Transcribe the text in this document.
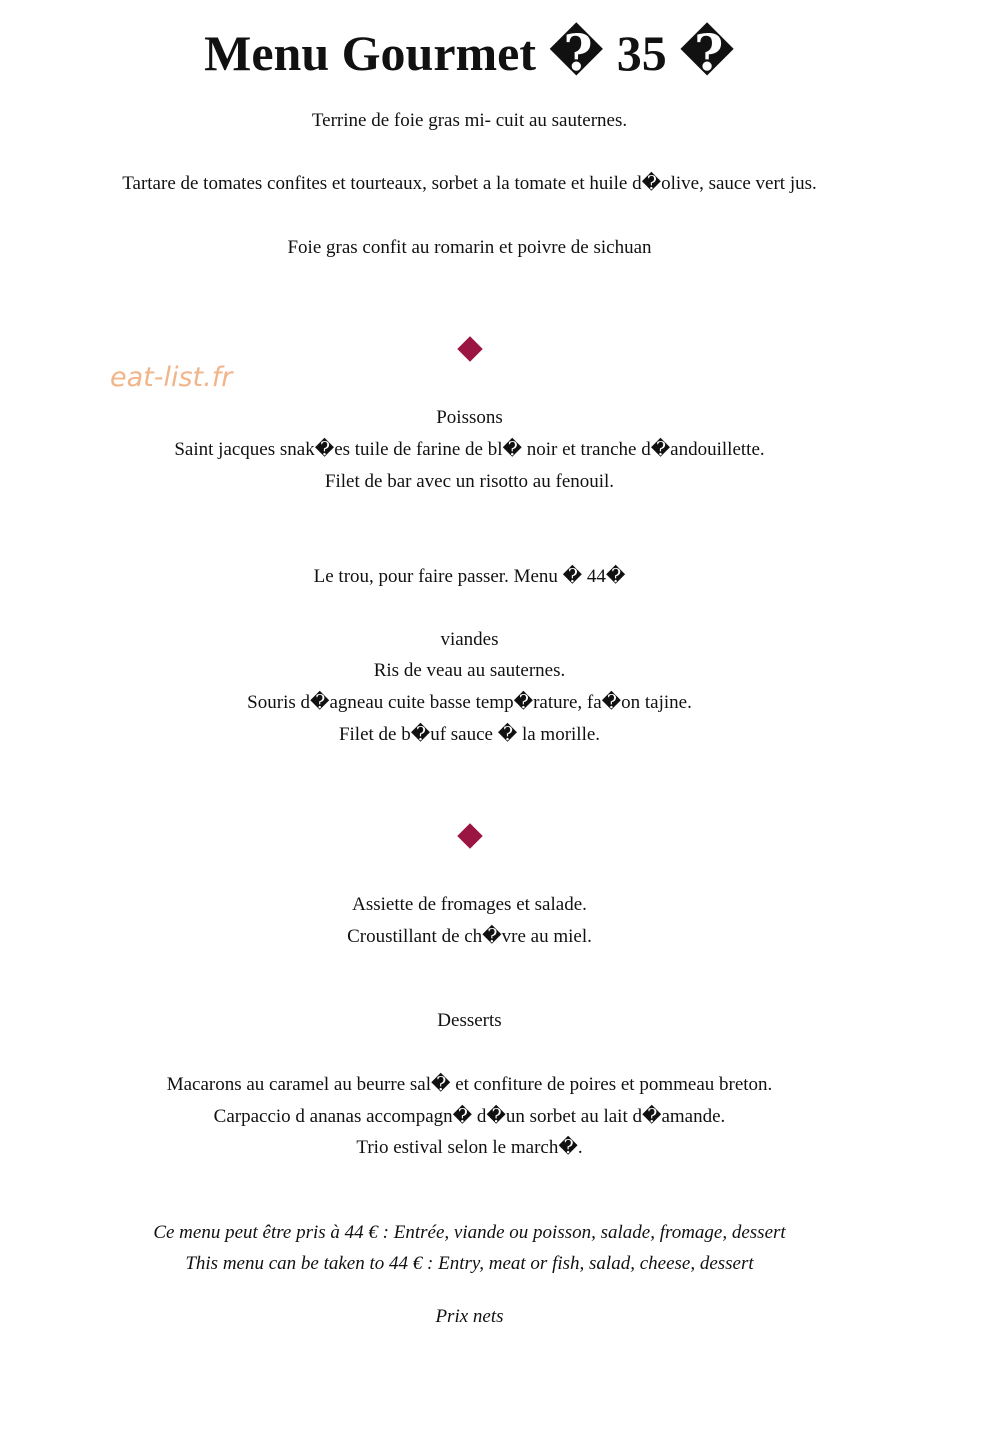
Menu Gourmet � 35 �
Terrine de foie gras mi- cuit au sauternes.
Tartare de tomates confites et tourteaux, sorbet a la tomate et huile d�olive, sauce vert jus.
Foie gras confit au romarin et poivre de sichuan
eat-list.fr
Poissons
Saint jacques snak�es tuile de farine de bl� noir et tranche d�andouillette.
Filet de bar avec un risotto au fenouil.
Le trou, pour faire passer. Menu � 44�
viandes
Ris de veau au sauternes.
Souris d�agneau cuite basse temp�rature, fa�on tajine.
Filet de b�uf sauce � la morille.
Assiette de fromages et salade.
Croustillant de ch�vre au miel.
Desserts
Macarons au caramel au beurre sal� et confiture de poires et pommeau breton.
Carpaccio d ananas accompagn� d�un sorbet au lait d�amande.
Trio estival selon le march�.
Ce menu peut être pris à 44 € : Entrée, viande ou poisson, salade, fromage, dessert
This menu can be taken to 44 € : Entry, meat or fish, salad, cheese, dessert
Prix nets
